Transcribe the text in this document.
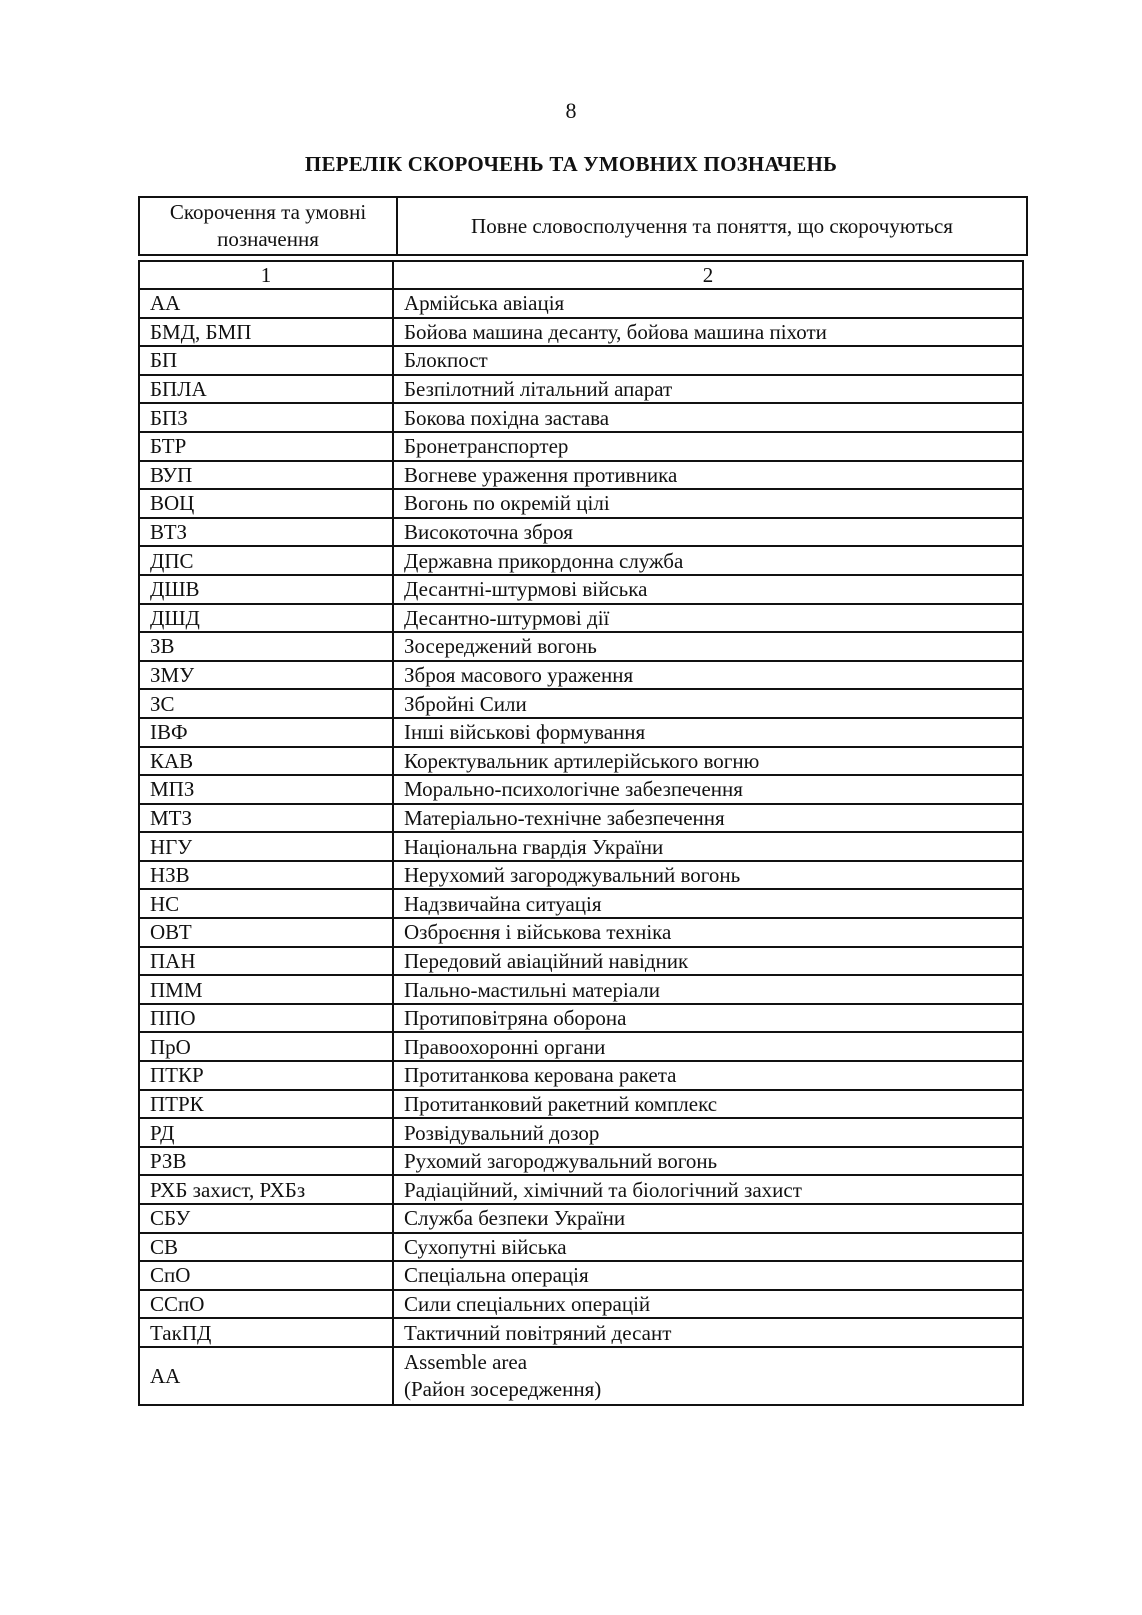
8
ПЕРЕЛІК СКОРОЧЕНЬ ТА УМОВНИХ ПОЗНАЧЕНЬ
Скорочення та умовні позначення	Повне словосполучення та поняття, що скорочуються
1	2
АА	Армійська авіація
БМД, БМП	Бойова машина десанту, бойова машина піхоти
БП	Блокпост
БПЛА	Безпілотний літальний апарат
БПЗ	Бокова похідна застава
БТР	Бронетранспортер
ВУП	Вогневе ураження противника
ВОЦ	Вогонь по окремій цілі
ВТЗ	Високоточна зброя
ДПС	Державна прикордонна служба
ДШВ	Десантні-штурмові війська
ДШД	Десантно-штурмові дії
ЗВ	Зосереджений вогонь
ЗМУ	Зброя масового ураження
ЗС	Збройні Сили
ІВФ	Інші військові формування
КАВ	Коректувальник артилерійського вогню
МПЗ	Морально-психологічне забезпечення
МТЗ	Матеріально-технічне забезпечення
НГУ	Національна гвардія України
НЗВ	Нерухомий загороджувальний вогонь
НС	Надзвичайна ситуація
ОВТ	Озброєння і військова техніка
ПАН	Передовий авіаційний навідник
ПММ	Пально-мастильні матеріали
ППО	Протиповітряна оборона
ПрО	Правоохоронні органи
ПТКР	Протитанкова керована ракета
ПТРК	Протитанковий ракетний комплекс
РД	Розвідувальний дозор
РЗВ	Рухомий загороджувальний вогонь
РХБ захист, РХБз	Радіаційний, хімічний та біологічний захист
СБУ	Служба безпеки України
СВ	Сухопутні війська
СпО	Спеціальна операція
ССпО	Сили спеціальних операцій
ТакПД	Тактичний повітряний десант
АА	Assemble area
(Район зосередження)
